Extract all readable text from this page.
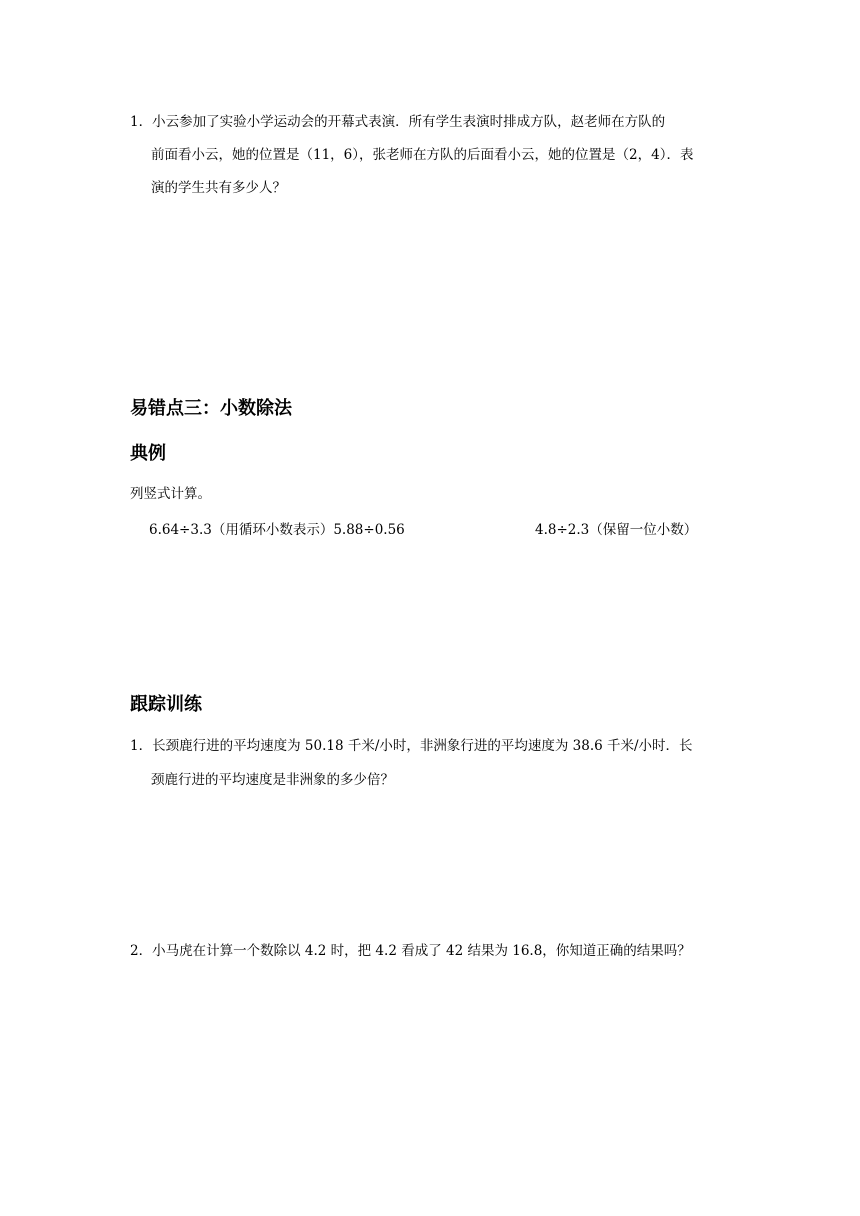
1．小云参加了实验小学运动会的开幕式表演．所有学生表演时排成方队，赵老师在方队的
前面看小云，她的位置是（11，6），张老师在方队的后面看小云，她的位置是（2，4）．表
演的学生共有多少人？
易错点三：小数除法
典例
列竖式计算。
6.64÷3.3（用循环小数表示）5.88÷0.56	4.8÷2.3（保留一位小数）
跟踪训练
1．长颈鹿行进的平均速度为 50.18 千米/小时，非洲象行进的平均速度为 38.6 千米/小时．长
颈鹿行进的平均速度是非洲象的多少倍？
2．小马虎在计算一个数除以 4.2 时，把 4.2 看成了 42 结果为 16.8，你知道正确的结果吗？
